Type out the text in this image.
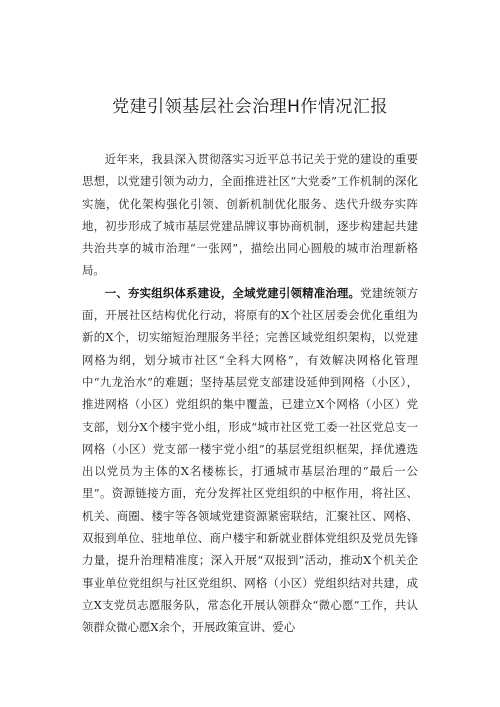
党建引领基层社会治理H作情况汇报

近年来，我县深入贯彻落实习近平总书记关于党的建设的重要思想，以党建引领为动力，全面推进社区“大党委”工作机制的深化实施，优化架构强化引领、创新机制优化服务、迭代升级夯实阵地，初步形成了城市基层党建品牌议事协商机制，逐步构建起共建共治共享的城市治理“一张网”，描绘出同心圆般的城市治理新格局。

一、夯实组织体系建设，全域党建引领精准治理。党建统领方面，开展社区结构优化行动，将原有的X个社区居委会优化重组为新的X个，切实缩短治理服务半径；完善区域党组织架构，以党建网格为纲，划分城市社区“全科大网格”，有效解决网格化管理中“九龙治水”的难题；坚持基层党支部建设延伸到网格（小区），推进网格（小区）党组织的集中覆盖，已建立X个网格（小区）党支部，划分X个楼宇党小组，形成“城市社区党工委一社区党总支一网格（小区）党支部一楼宇党小组”的基层党组织框架，择优遴选出以党员为主体的X名楼栋长，打通城市基层治理的“最后一公里”。资源链接方面，充分发挥社区党组织的中枢作用，将社区、机关、商圈、楼宇等各领域党建资源紧密联结，汇聚社区、网格、双报到单位、驻地单位、商户楼宇和新就业群体党组织及党员先锋力量，提升治理精准度；深入开展“双报到”活动，推动X个机关企事业单位党组织与社区党组织、网格（小区）党组织结对共建，成立X支党员志愿服务队，常态化开展认领群众“微心愿”工作，共认领群众微心愿X余个，开展政策宣讲、爱心
